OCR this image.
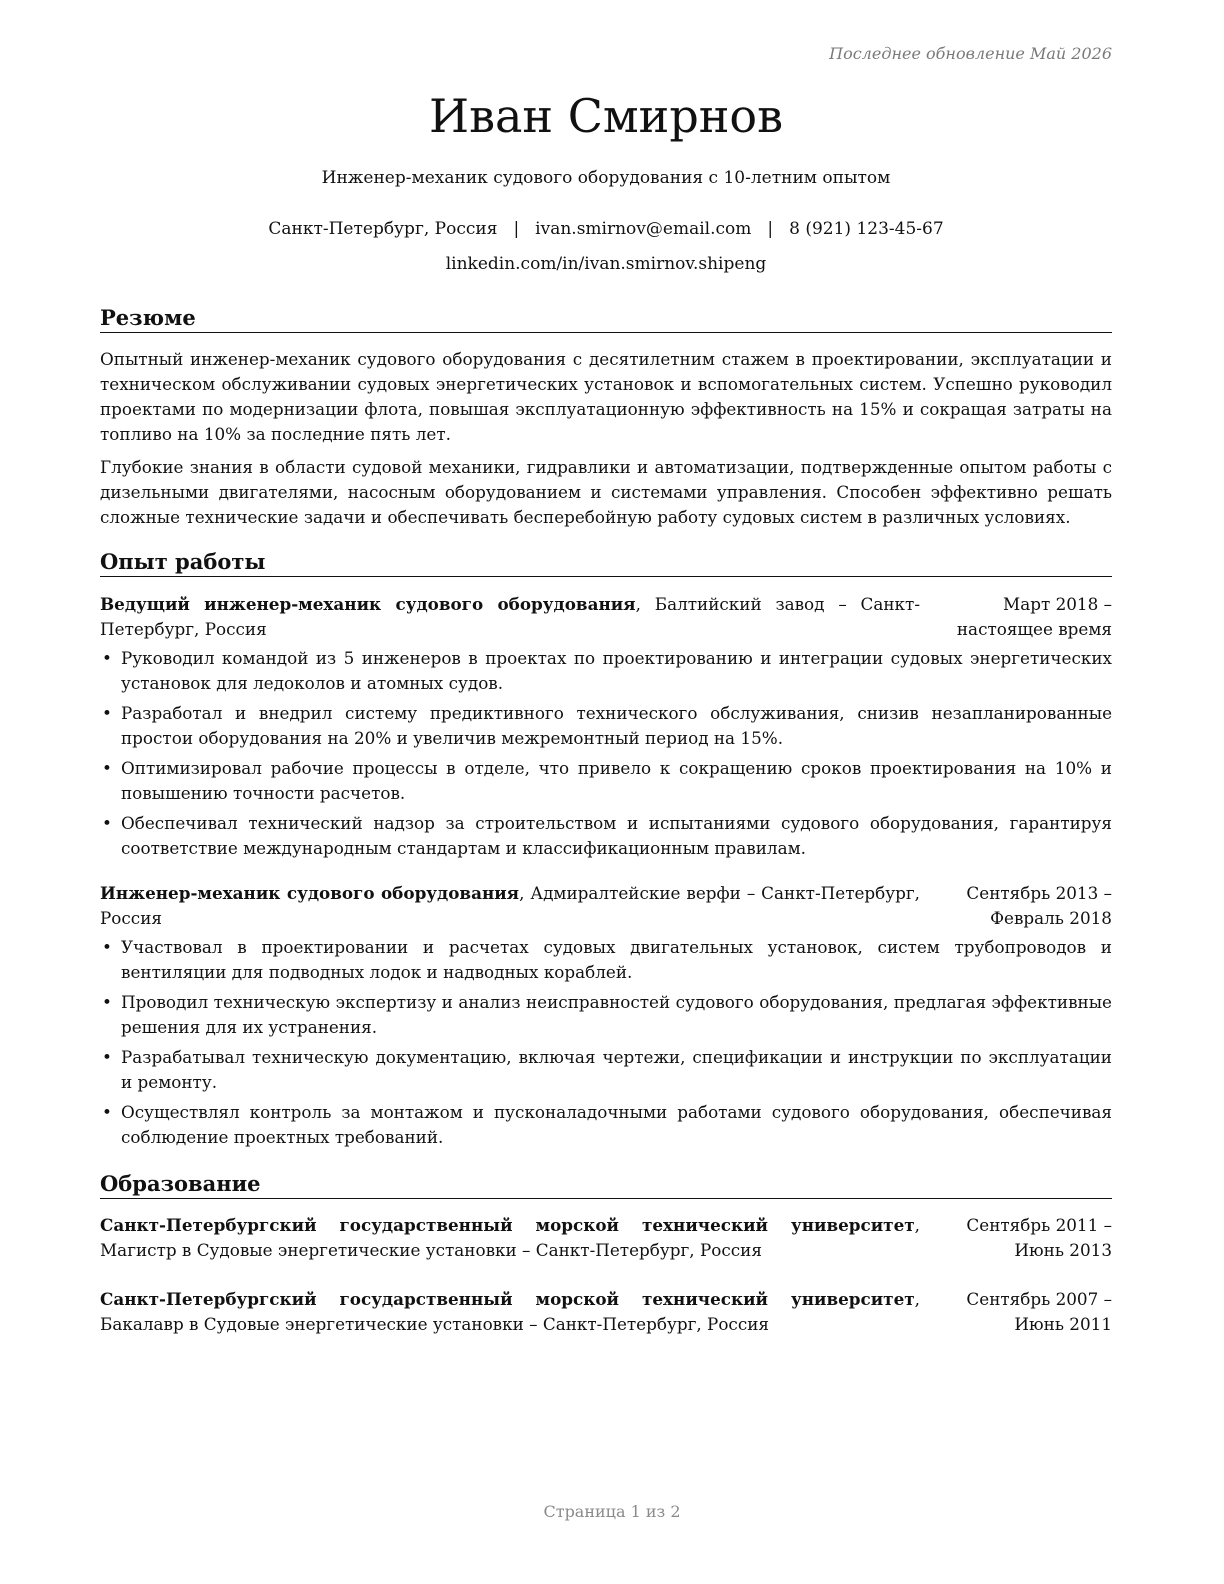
Последнее обновление Май 2026
Иван Смирнов
Инженер-механик судового оборудования с 10-летним опытом
Санкт-Петербург, Россия | ivan.smirnov@email.com | 8 (921) 123-45-67
linkedin.com/in/ivan.smirnov.shipeng
Резюме

Опытный инженер-механик судового оборудования с десятилетним стажем в проектировании, эксплуатации и техническом обслуживании судовых энергетических установок и вспомогательных систем. Успешно руководил проектами по модернизации флота, повышая эксплуатационную эффективность на 15% и сокращая затраты на топливо на 10% за последние пять лет.

Глубокие знания в области судовой механики, гидравлики и автоматизации, подтвержденные опытом работы с дизельными двигателями, насосным оборудованием и системами управления. Способен эффективно решать сложные технические задачи и обеспечивать бесперебойную работу судовых систем в различных условиях.

Опыт работы
Ведущий инженер-механик судового оборудования, Балтийский завод – Санкт-Петербург, Россия
Март 2018 – настоящее время
• Руководил командой из 5 инженеров в проектах по проектированию и интеграции судовых энергетических установок для ледоколов и атомных судов.
• Разработал и внедрил систему предиктивного технического обслуживания, снизив незапланированные простои оборудования на 20% и увеличив межремонтный период на 15%.
• Оптимизировал рабочие процессы в отделе, что привело к сокращению сроков проектирования на 10% и повышению точности расчетов.
• Обеспечивал технический надзор за строительством и испытаниями судового оборудования, гарантируя соответствие международным стандартам и классификационным правилам.
Инженер-механик судового оборудования, Адмиралтейские верфи – Санкт-Петербург, Россия
Сентябрь 2013 – Февраль 2018
• Участвовал в проектировании и расчетах судовых двигательных установок, систем трубопроводов и вентиляции для подводных лодок и надводных кораблей.
• Проводил техническую экспертизу и анализ неисправностей судового оборудования, предлагая эффективные решения для их устранения.
• Разрабатывал техническую документацию, включая чертежи, спецификации и инструкции по эксплуатации и ремонту.
• Осуществлял контроль за монтажом и пусконаладочными работами судового оборудования, обеспечивая соблюдение проектных требований.
Образование
Санкт-Петербургский государственный морской технический университет, Магистр в Судовые энергетические установки – Санкт-Петербург, Россия
Сентябрь 2011 – Июнь 2013
Санкт-Петербургский государственный морской технический университет, Бакалавр в Судовые энергетические установки – Санкт-Петербург, Россия
Сентябрь 2007 – Июнь 2011
Страница 1 из 2
